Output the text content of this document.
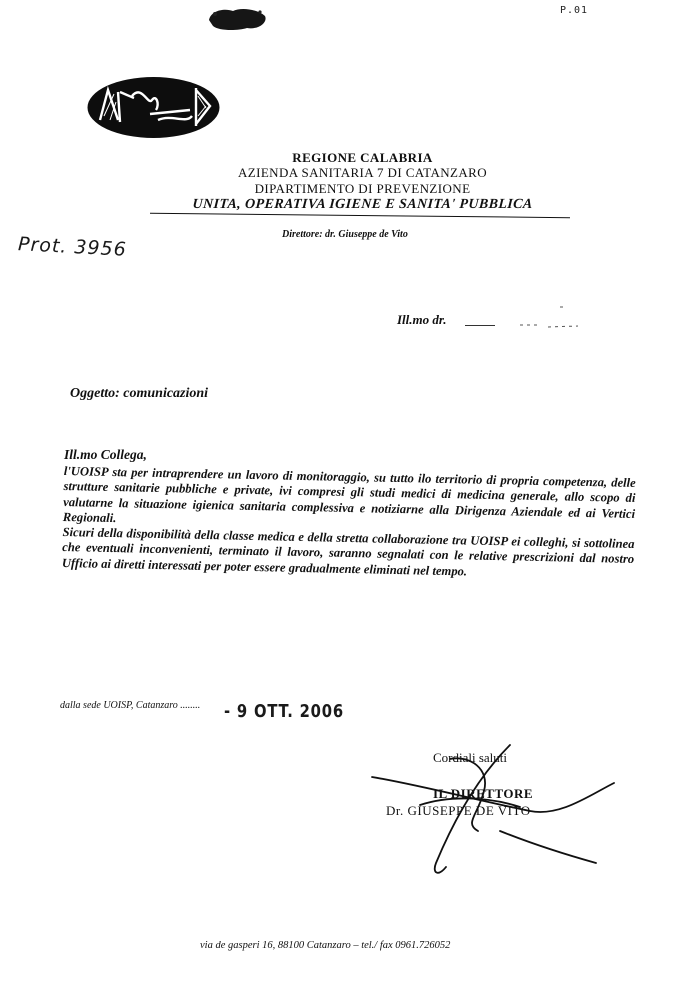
P.01
REGIONE CALABRIA
AZIENDA SANITARIA 7 DI CATANZARO
DIPARTIMENTO DI PREVENZIONE
UNITA, OPERATIVA IGIENE E SANITA' PUBBLICA
Direttore: dr. Giuseppe de Vito
Prot. 3956
Ill.mo dr.
Oggetto: comunicazioni
Ill.mo Collega,

l'UOISP sta per intraprendere un lavoro di monitoraggio, su tutto ilo territorio di propria competenza, delle strutture sanitarie pubbliche e private, ivi compresi gli studi medici di medicina generale, allo scopo di valutarne la situazione igienica sanitaria complessiva e notiziarne alla Dirigenza Aziendale ed ai Vertici Regionali.

Sicuri della disponibilità della classe medica e della stretta collaborazione tra UOISP ei colleghi, si sottolinea che eventuali inconvenienti, terminato il lavoro, saranno segnalati con le relative prescrizioni dal nostro Ufficio ai diretti interessati per poter essere gradualmente eliminati nel tempo.

dalla sede UOISP, Catanzaro ........ - 9 OTT. 2006
Cordiali saluti
IL DIRETTORE
Dr. GIUSEPPE DE VITO
via de gasperi 16, 88100 Catanzaro – tel./ fax 0961.726052
